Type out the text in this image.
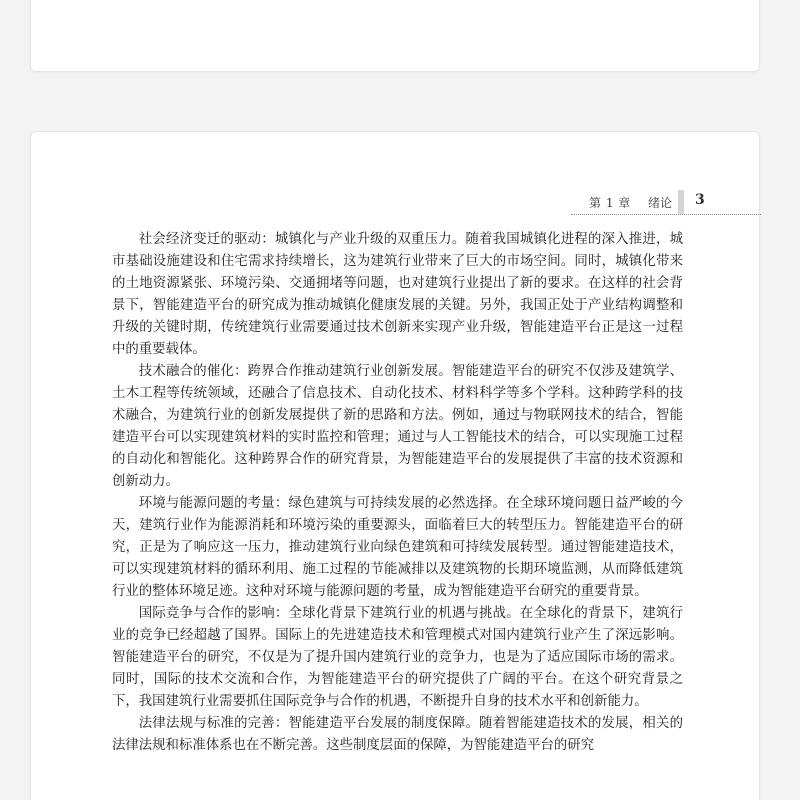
第 1 章 绪论 3

社会经济变迁的驱动：城镇化与产业升级的双重压力。随着我国城镇化进程的深入推进，城市基础设施建设和住宅需求持续增长，这为建筑行业带来了巨大的市场空间。同时，城镇化带来的土地资源紧张、环境污染、交通拥堵等问题，也对建筑行业提出了新的要求。在这样的社会背景下，智能建造平台的研究成为推动城镇化健康发展的关键。另外，我国正处于产业结构调整和升级的关键时期，传统建筑行业需要通过技术创新来实现产业升级，智能建造平台正是这一过程中的重要载体。

技术融合的催化：跨界合作推动建筑行业创新发展。智能建造平台的研究不仅涉及建筑学、土木工程等传统领域，还融合了信息技术、自动化技术、材料科学等多个学科。这种跨学科的技术融合，为建筑行业的创新发展提供了新的思路和方法。例如，通过与物联网技术的结合，智能建造平台可以实现建筑材料的实时监控和管理；通过与人工智能技术的结合，可以实现施工过程的自动化和智能化。这种跨界合作的研究背景，为智能建造平台的发展提供了丰富的技术资源和创新动力。

环境与能源问题的考量：绿色建筑与可持续发展的必然选择。在全球环境问题日益严峻的今天，建筑行业作为能源消耗和环境污染的重要源头，面临着巨大的转型压力。智能建造平台的研究，正是为了响应这一压力，推动建筑行业向绿色建筑和可持续发展转型。通过智能建造技术，可以实现建筑材料的循环利用、施工过程的节能减排以及建筑物的长期环境监测，从而降低建筑行业的整体环境足迹。这种对环境与能源问题的考量，成为智能建造平台研究的重要背景。

国际竞争与合作的影响：全球化背景下建筑行业的机遇与挑战。在全球化的背景下，建筑行业的竞争已经超越了国界。国际上的先进建造技术和管理模式对国内建筑行业产生了深远影响。智能建造平台的研究，不仅是为了提升国内建筑行业的竞争力，也是为了适应国际市场的需求。同时，国际的技术交流和合作，为智能建造平台的研究提供了广阔的平台。在这个研究背景之下，我国建筑行业需要抓住国际竞争与合作的机遇，不断提升自身的技术水平和创新能力。

法律法规与标准的完善：智能建造平台发展的制度保障。随着智能建造技术的发展，相关的法律法规和标准体系也在不断完善。这些制度层面的保障，为智能建造平台的研究
